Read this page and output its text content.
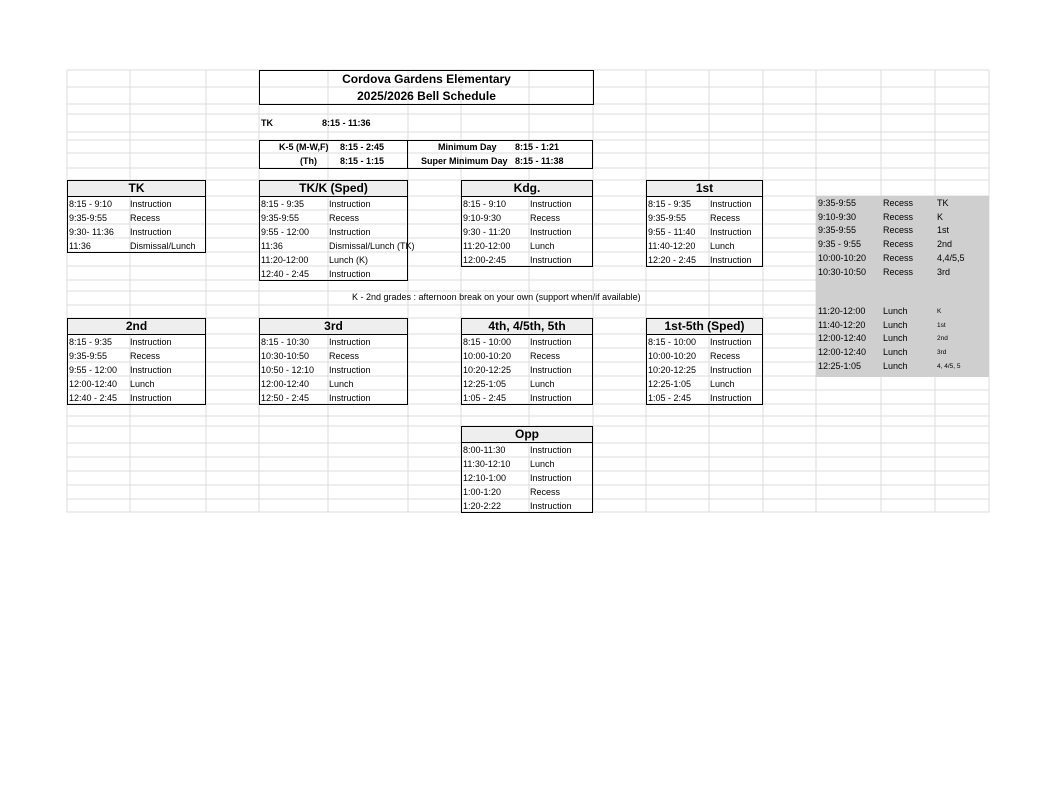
Cordova Gardens Elementary
2025/2026 Bell Schedule
TK	8:15 - 11:36
K-5 (M-W,F) 8:15 - 2:45
(Th)	8:15 - 1:15
Minimum Day 8:15 - 1:21
Super Minimum Day 8:15 - 11:38
TK
8:15 - 9:10 Instruction
9:35-9:55	Recess
9:30- 11:36 Instruction
11:36	Dismissal/Lunch
TK/K (Sped)
8:15 - 9:35	Instruction
9:35-9:55	Recess
9:55 - 12:00 Instruction
11:36	Dismissal/Lunch (TK)
11:20-12:00 Lunch (K)
12:40 - 2:45 Instruction
Kdg.
8:15 - 9:10	Instruction
9:10-9:30	Recess
9:30 - 11:20 Instruction
11:20-12:00 Lunch
12:00-2:45	Instruction
1st
8:15 - 9:35 Instruction
9:35-9:55	Recess
9:55 - 11:40 Instruction
11:40-12:20 Lunch
12:20 - 2:45 Instruction
2nd
8:15 - 9:35 Instruction
9:35-9:55	Recess
9:55 - 12:00 Instruction
12:00-12:40 Lunch
12:40 - 2:45 Instruction
3rd
8:15 - 10:30 Instruction
10:30-10:50 Recess
10:50 - 12:10 Instruction
12:00-12:40 Lunch
12:50 - 2:45 Instruction
4th, 4/5th, 5th
8:15 - 10:00 Instruction
10:00-10:20 Recess
10:20-12:25 Instruction
12:25-1:05	Lunch
1:05 - 2:45	Instruction
1st-5th (Sped)
8:15 - 10:00 Instruction
10:00-10:20 Recess
10:20-12:25 Instruction
12:25-1:05 Lunch
1:05 - 2:45 Instruction
Opp
8:00-11:30	Instruction
11:30-12:10 Lunch
12:10-1:00	Instruction
1:00-1:20	Recess
1:20-2:22	Instruction
K - 2nd grades : afternoon break on your own (support when/if available)
9:35-9:55	Recess	TK
9:10-9:30	Recess	K
9:35-9:55	Recess	1st
9:35 - 9:55 Recess	2nd
10:00-10:20 Recess	4,4/5,5
10:30-10:50 Recess	3rd
11:20-12:00 Lunch	K
11:40-12:20 Lunch	1st
12:00-12:40 Lunch	2nd
12:00-12:40 Lunch	3rd
12:25-1:05 Lunch	4, 4/5, 5
